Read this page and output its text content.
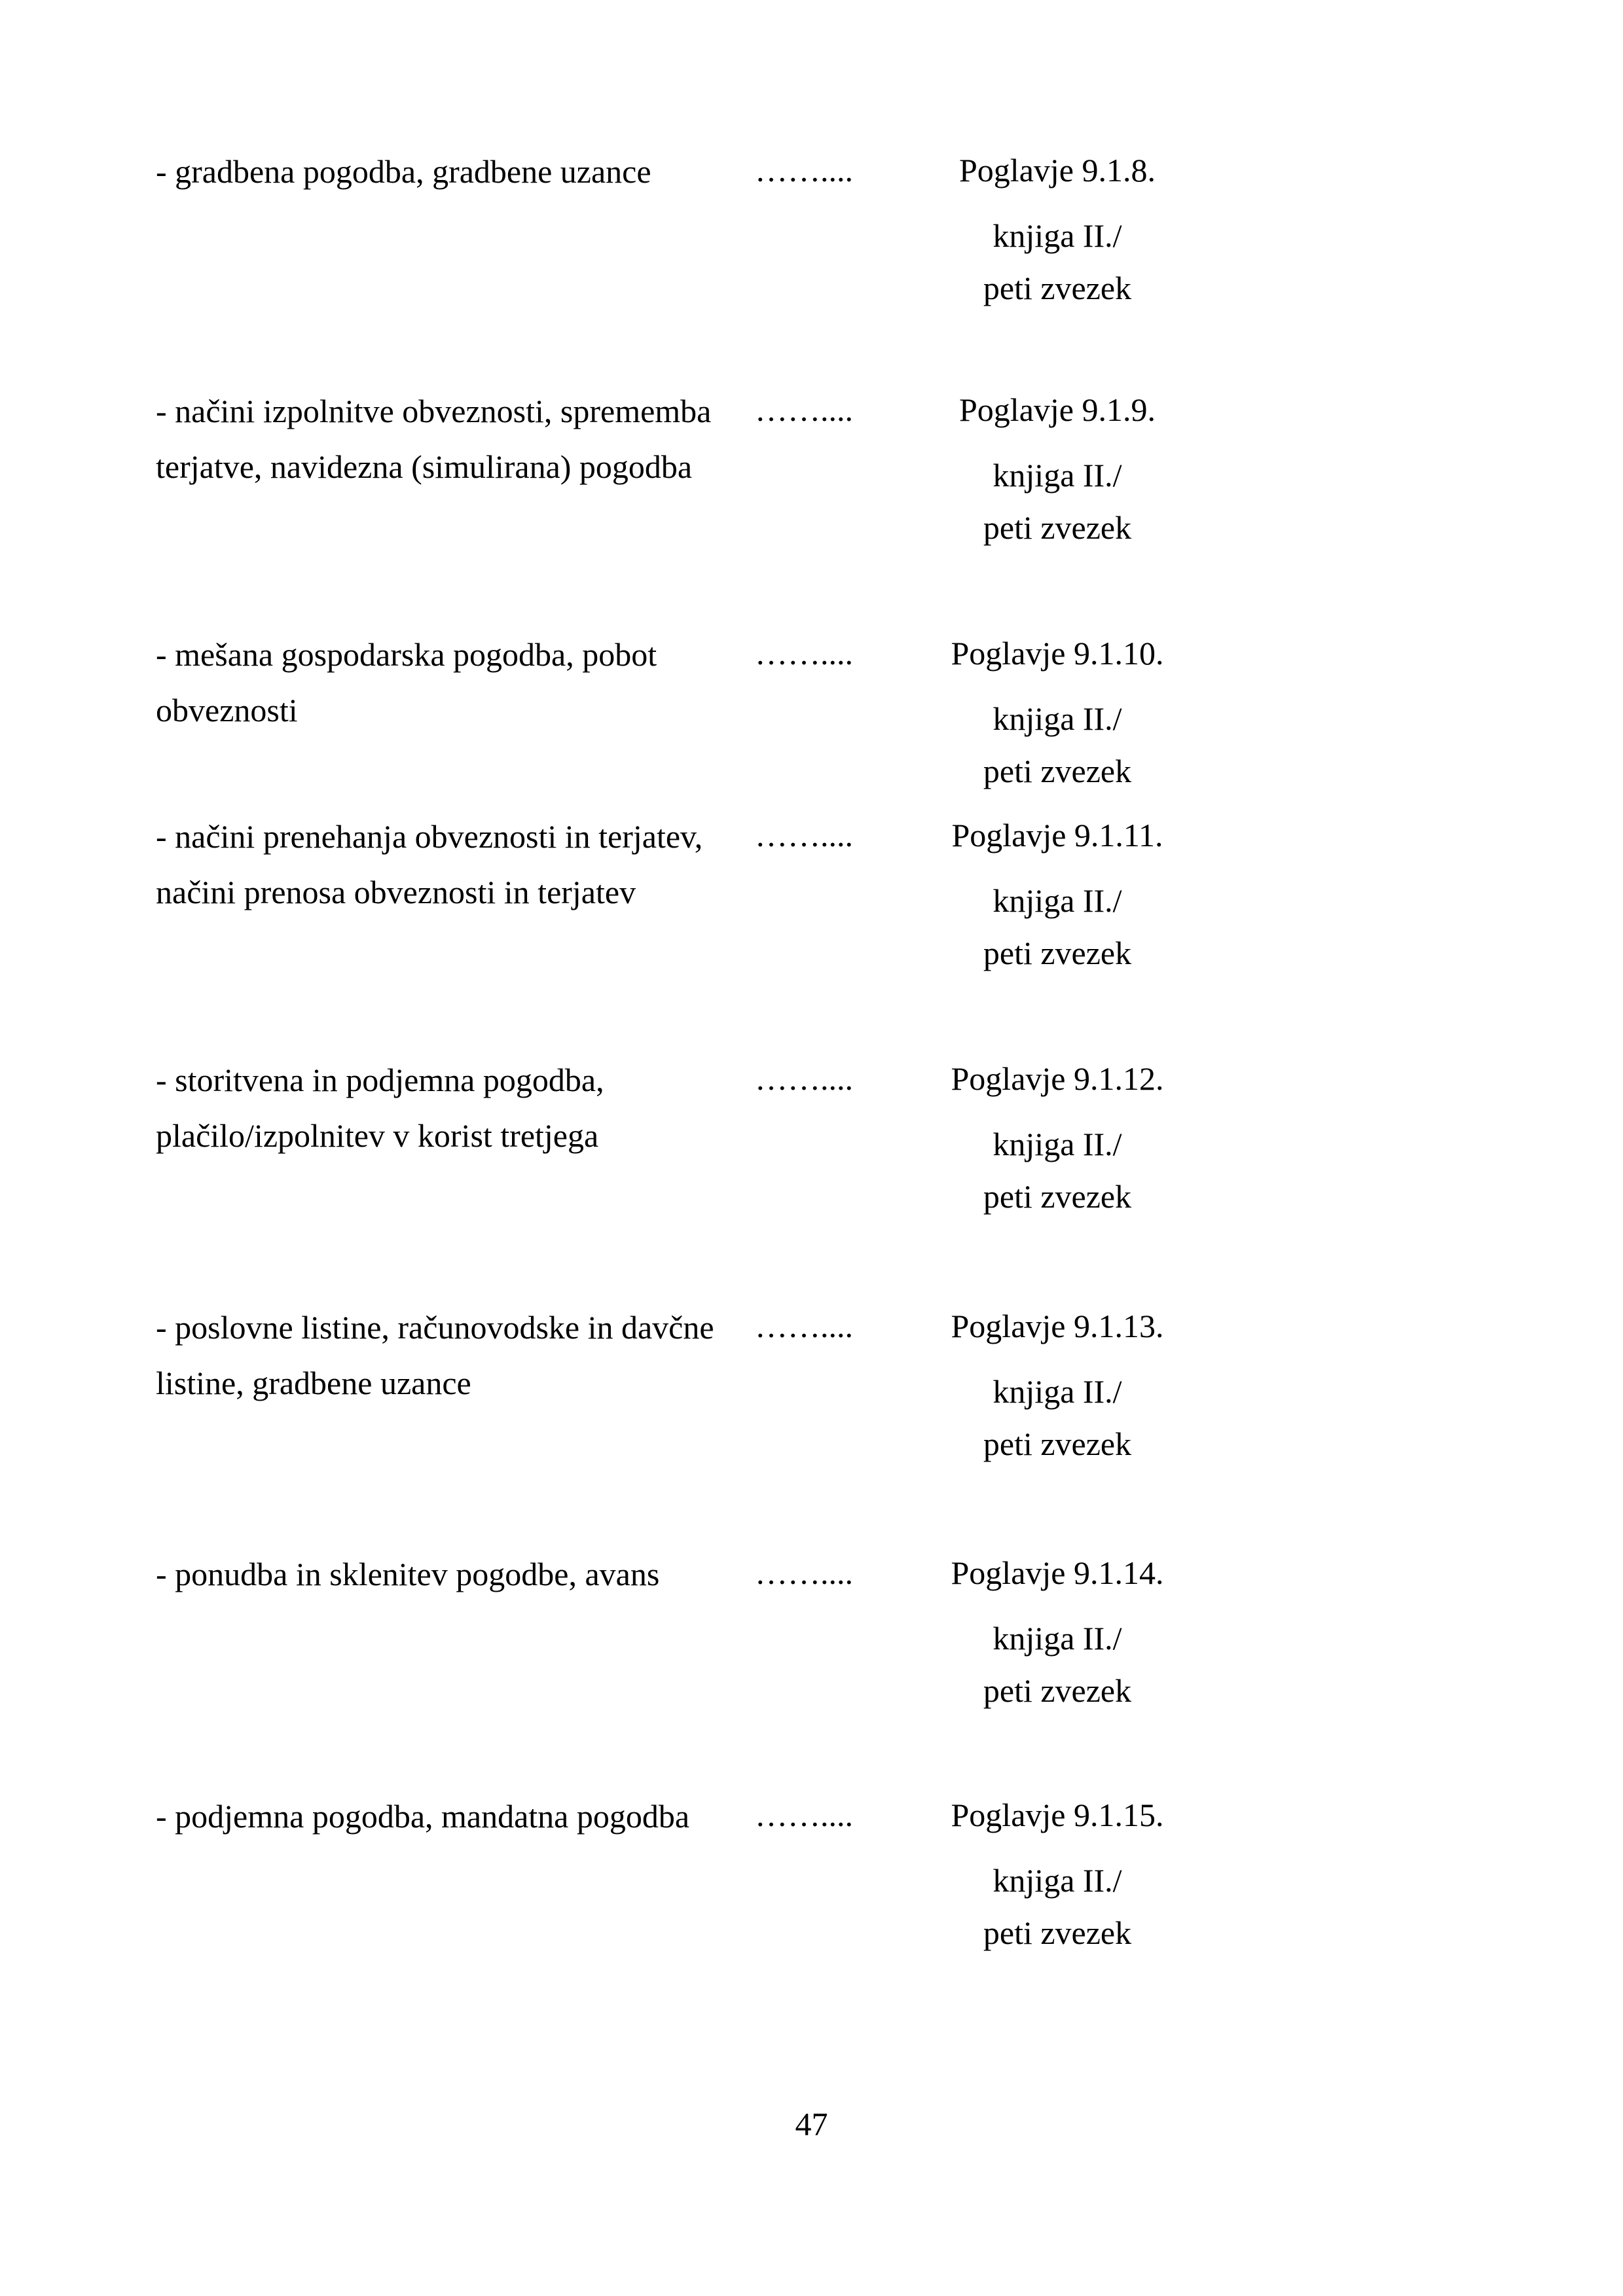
- gradbena pogodba, gradbene uzance	……....	Poglavje 9.1.8.
knjiga II./
peti zvezek
- načini izpolnitve obveznosti, sprememba
terjatve, navidezna (simulirana) pogodba
……....	Poglavje 9.1.9.
knjiga II./
peti zvezek
- mešana gospodarska pogodba, pobot
obveznosti
……....	Poglavje 9.1.10.
knjiga II./
peti zvezek
- načini prenehanja obveznosti in terjatev,
načini prenosa obveznosti in terjatev
……....	Poglavje 9.1.11.
knjiga II./
peti zvezek
- storitvena in podjemna pogodba,
plačilo/izpolnitev v korist tretjega
……....	Poglavje 9.1.12.
knjiga II./
peti zvezek
- poslovne listine, računovodske in davčne
listine, gradbene uzance
……....	Poglavje 9.1.13.
knjiga II./
peti zvezek
- ponudba in sklenitev pogodbe, avans	……....	Poglavje 9.1.14.
knjiga II./
peti zvezek
- podjemna pogodba, mandatna pogodba	……....	Poglavje 9.1.15.
knjiga II./
peti zvezek
47
